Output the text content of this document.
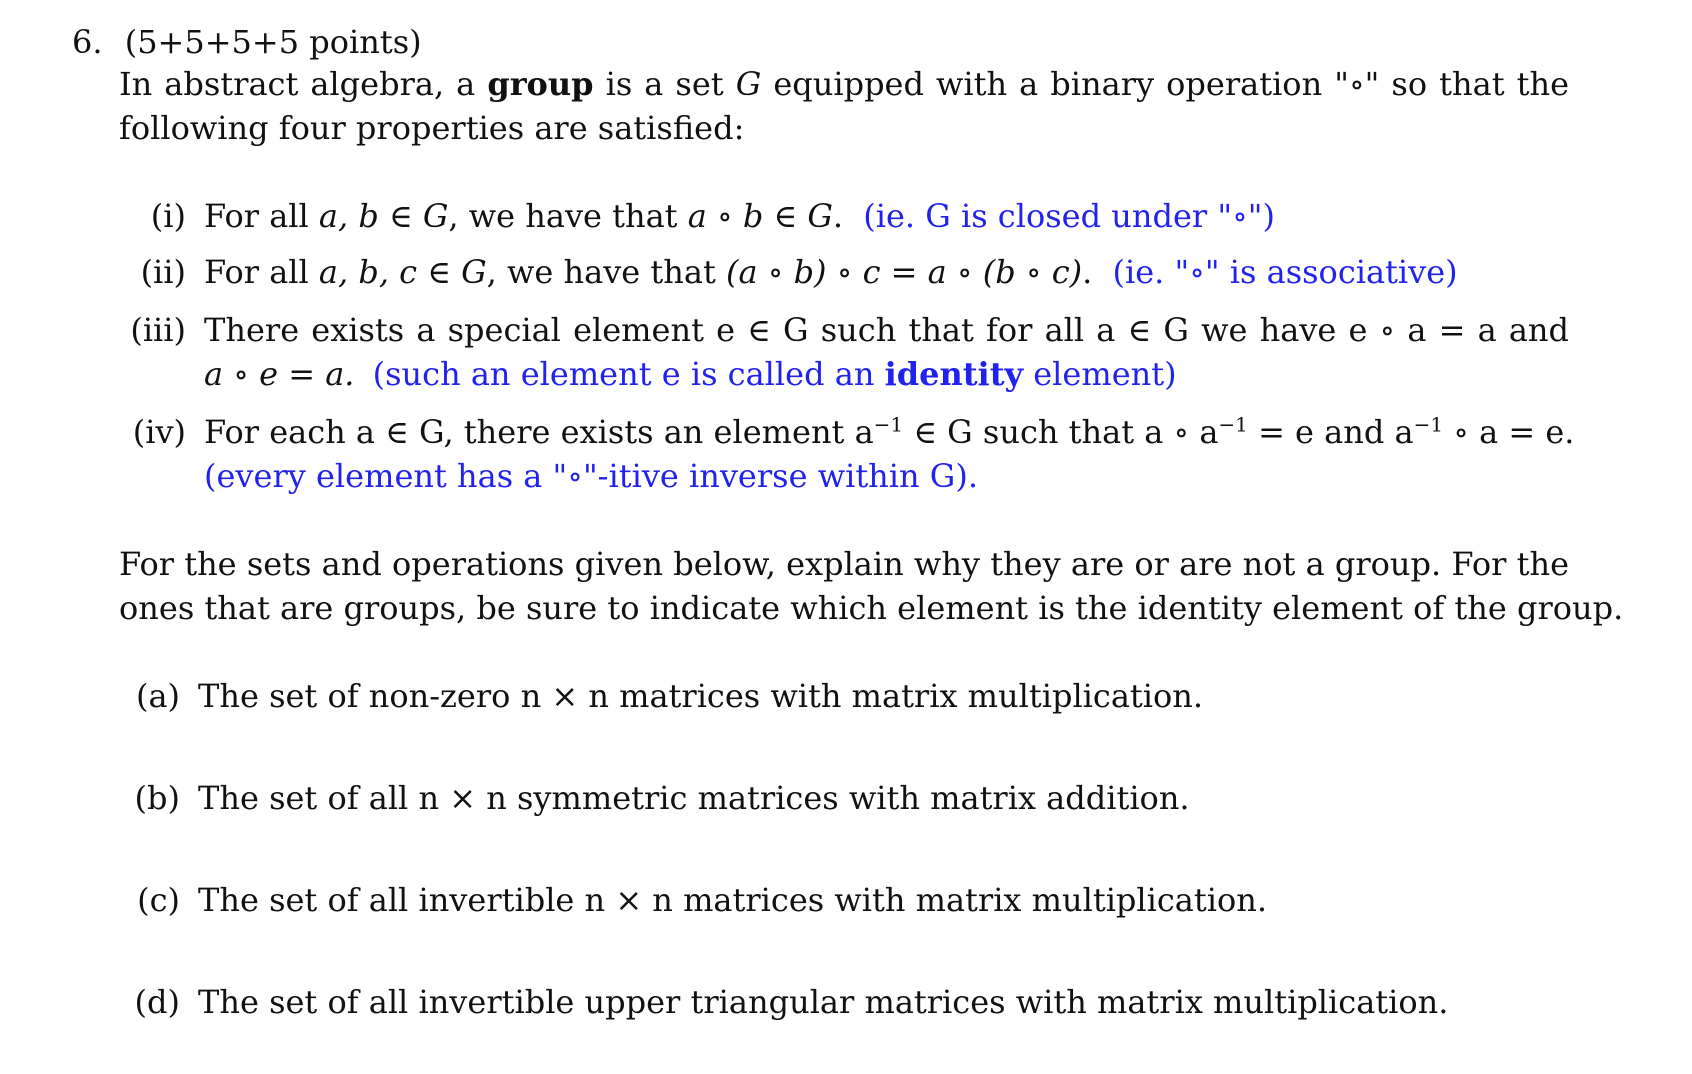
6. (5+5+5+5 points)
In abstract algebra, a group is a set G equipped with a binary operation "∘" so that the
following four properties are satisfied:
(i) For all a, b ∈ G, we have that a ∘ b ∈ G. (ie. G is closed under "∘")
(ii) For all a, b, c ∈ G, we have that (a ∘ b) ∘ c = a ∘ (b ∘ c). (ie. "∘" is associative)
(iii) There exists a special element e ∈ G such that for all a ∈ G we have e ∘ a = a and
a ∘ e = a. (such an element e is called an identity element)
(iv) For each a ∈ G, there exists an element $a^{-1}$ ∈ G such that a ∘ $a^{-1} = e$ and $a^{-1}$ ∘ a = e.
(every element has a "∘"-itive inverse within G).
For the sets and operations given below, explain why they are or are not a group. For the
ones that are groups, be sure to indicate which element is the identity element of the group.
(a) The set of non-zero n × n matrices with matrix multiplication.
(b) The set of all n × n symmetric matrices with matrix addition.
(c) The set of all invertible n × n matrices with matrix multiplication.
(d) The set of all invertible upper triangular matrices with matrix multiplication.
